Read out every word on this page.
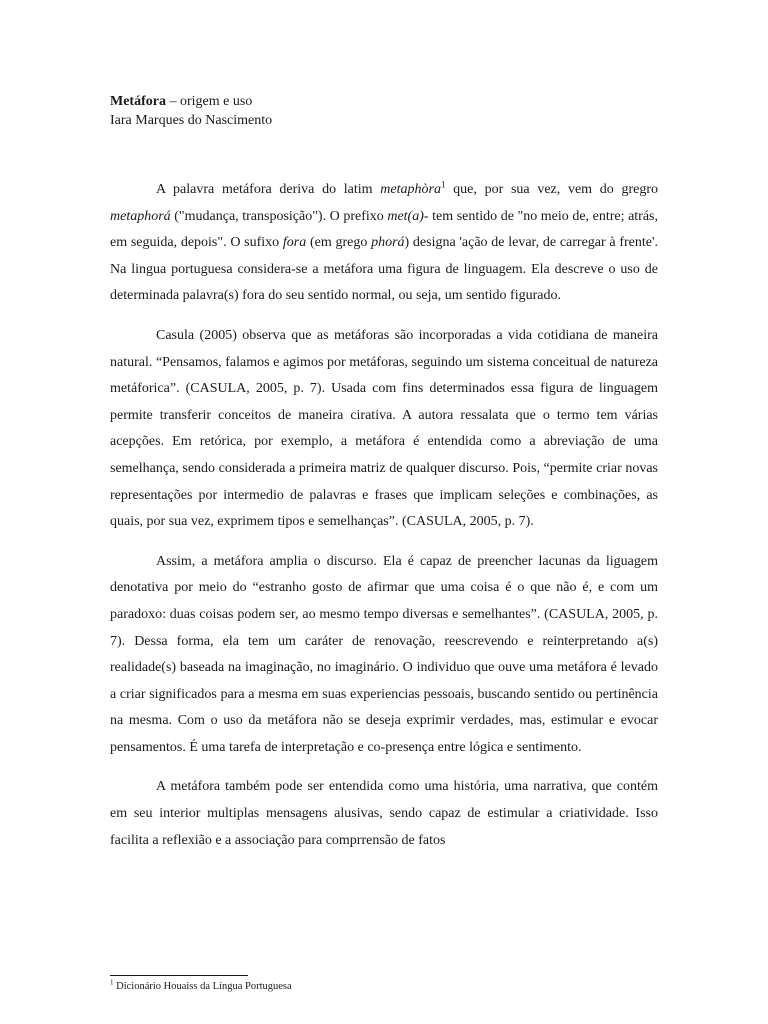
Metáfora – origem e uso
Iara Marques do Nascimento

A palavra metáfora deriva do latim metaphòra$^1$ que, por sua vez, vem do gregro metaphorá ("mudança, transposição"). O prefixo met(a)- tem sentido de "no meio de, entre; atrás, em seguida, depois". O sufixo fora (em grego phorá) designa 'ação de levar, de carregar à frente'. Na lingua portuguesa considera-se a metáfora uma figura de linguagem. Ela descreve o uso de determinada palavra(s) fora do seu sentido normal, ou seja, um sentido figurado.

Casula (2005) observa que as metáforas são incorporadas a vida cotidiana de maneira natural. “Pensamos, falamos e agimos por metáforas, seguindo um sistema conceitual de natureza metáforica”. (CASULA, 2005, p. 7). Usada com fins determinados essa figura de linguagem permite transferir conceitos de maneira cirativa. A autora ressalata que o termo tem várias acepções. Em retórica, por exemplo, a metáfora é entendida como a abreviação de uma semelhança, sendo considerada a primeira matriz de qualquer discurso. Pois, “permite criar novas representações por intermedio de palavras e frases que implicam seleções e combinações, as quais, por sua vez, exprimem tipos e semelhanças”. (CASULA, 2005, p. 7).

Assim, a metáfora amplia o discurso. Ela é capaz de preencher lacunas da liguagem denotativa por meio do “estranho gosto de afirmar que uma coisa é o que não é, e com um paradoxo: duas coisas podem ser, ao mesmo tempo diversas e semelhantes”. (CASULA, 2005, p. 7). Dessa forma, ela tem um caráter de renovação, reescrevendo e reinterpretando a(s) realidade(s) baseada na imaginação, no imaginário. O individuo que ouve uma metáfora é levado a criar significados para a mesma em suas experiencias pessoais, buscando sentido ou pertinência na mesma. Com o uso da metáfora não se deseja exprimir verdades, mas, estimular e evocar pensamentos. É uma tarefa de interpretação e co-presença entre lógica e sentimento.

A metáfora também pode ser entendida como uma história, uma narrativa, que contém em seu interior multiplas mensagens alusivas, sendo capaz de estimular a criatividade. Isso facilita a reflexião e a associação para comprrensão de fatos

$^1$ Dicionário Houaiss da Língua Portuguesa
